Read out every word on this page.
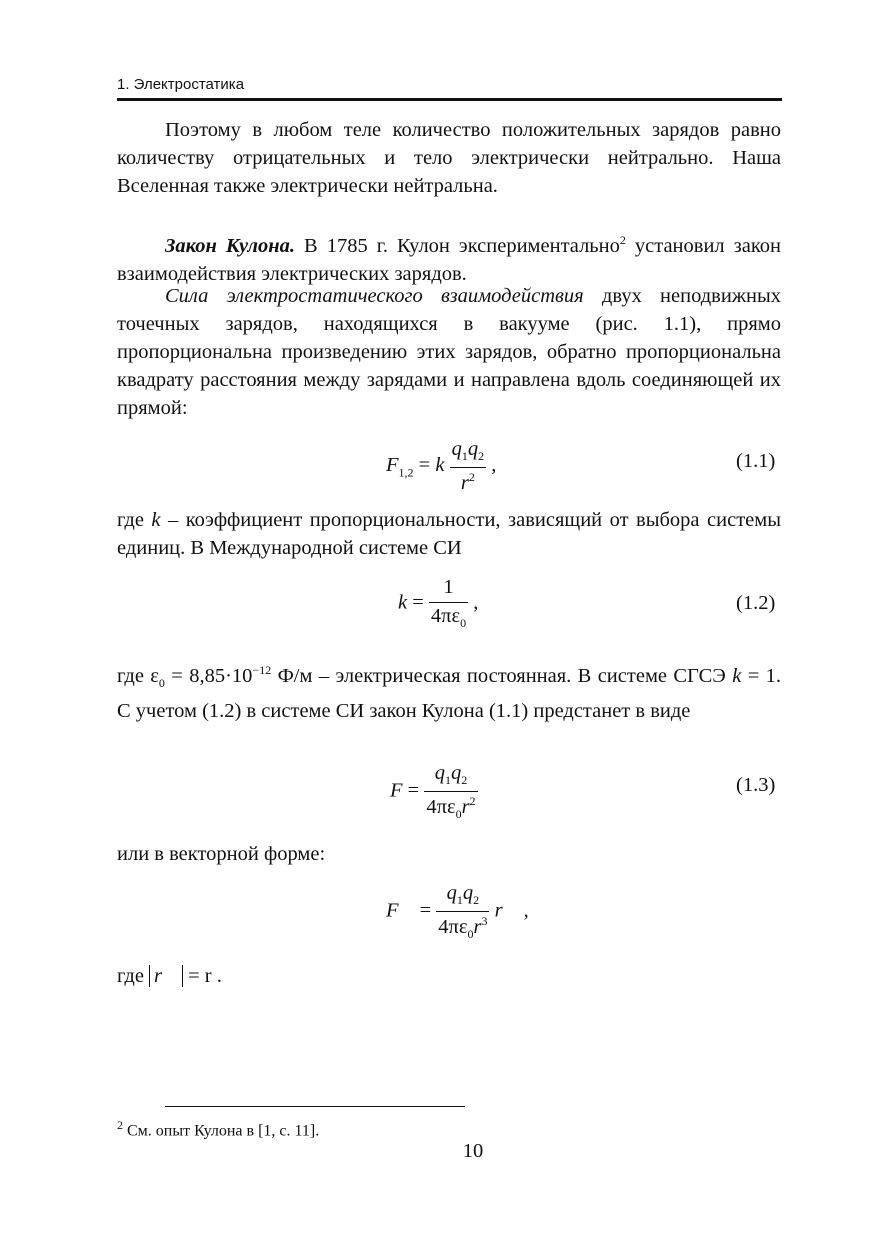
1. Электростатика

Поэтому в любом теле количество положительных зарядов равно количеству отрицательных и тело электрически нейтрально. Наша Вселенная также электрически нейтральна.

Закон Кулона. В 1785 г. Кулон экспериментально$^2$ установил закон взаимодействия электрических зарядов.

Сила электростатического взаимодействия двух неподвижных точечных зарядов, находящихся в вакууме (рис. 1.1), прямо пропорциональна произведению этих зарядов, обратно пропорциональна квадрату расстояния между зарядами и направлена вдоль соединяющей их прямой:

$F_{1,2} = k \frac{q_1q_2}{r^2}$ ,	(1.1)

где k – коэффициент пропорциональности, зависящий от выбора системы единиц. В Международной системе СИ

$k = \frac{1}{4\pi\varepsilon_0}$ ,	(1.2)

где $\varepsilon_0 = 8,85\cdot 10^{-12}$ Ф/м – электрическая постоянная. В системе СГСЭ k = 1. С учетом (1.2) в системе СИ закон Кулона (1.1) предстанет в виде

$F = \frac{q_1q_2}{4\pi\varepsilon_0r^2}$	(1.3)

или в векторной форме:

F⃗ = $\frac{q_1q_2}{4\pi\varepsilon_0r^3}$ r⃗ ,

где r⃗ = r .

$^2$ См. опыт Кулона в [1, с. 11].
10
